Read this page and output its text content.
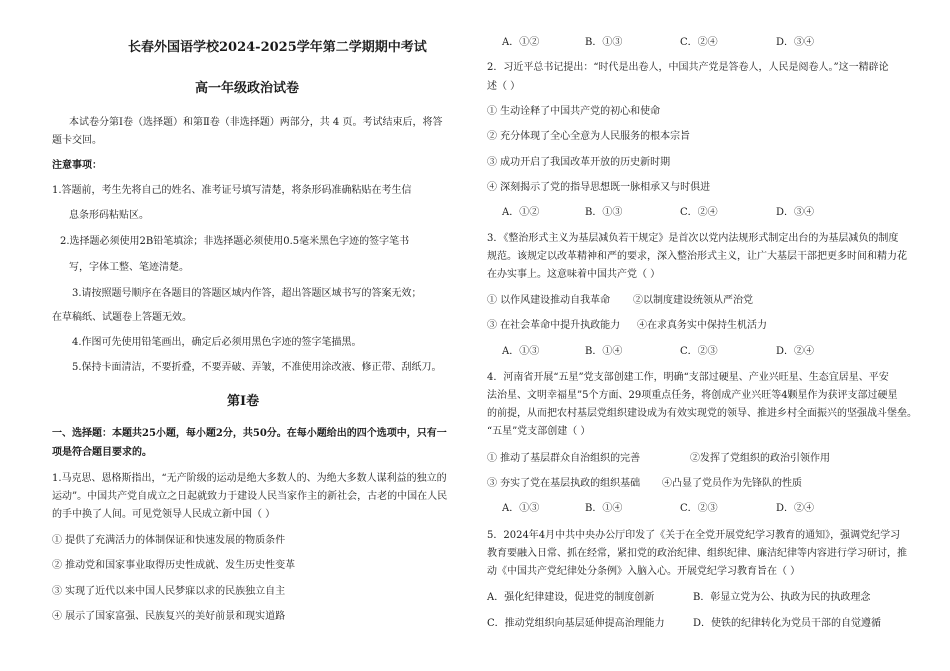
长春外国语学校2024-2025学年第二学期期中考试
高一年级政治试卷
本试卷分第Ⅰ卷（选择题）和第Ⅱ卷（非选择题）两部分，共 4 页。考试结束后，将答
题卡交回。
注意事项：
1.答题前，考生先将自己的姓名、准考证号填写清楚，将条形码准确粘贴在考生信
息条形码粘贴区。
2.选择题必须使用2B铅笔填涂；非选择题必须使用0.5毫米黑色字迹的签字笔书
写，字体工整、笔迹清楚。
3.请按照题号顺序在各题目的答题区域内作答，超出答题区域书写的答案无效；
在草稿纸、试题卷上答题无效。
4.作图可先使用铅笔画出，确定后必须用黑色字迹的签字笔描黑。
5.保持卡面清洁，不要折叠，不要弄破、弄皱，不准使用涂改液、修正带、刮纸刀。
第Ⅰ卷
一、选择题：本题共25小题，每小题2分，共50分。在每小题给出的四个选项中，只有一
项是符合题目要求的。
1.马克思、恩格斯指出，“无产阶级的运动是绝大多数人的、为绝大多数人谋利益的独立的
运动”。中国共产党自成立之日起就致力于建设人民当家作主的新社会，古老的中国在人民
的手中换了人间。可见党领导人民成立新中国（ ）
① 提供了充满活力的体制保证和快速发展的物质条件
② 推动党和国家事业取得历史性成就、发生历史性变革
③ 实现了近代以来中国人民梦寐以求的民族独立自主
④ 展示了国家富强、民族复兴的美好前景和现实道路
A．①②	B．①③	C．②④	D．③④
2．习近平总书记提出：“时代是出卷人，中国共产党是答卷人，人民是阅卷人。”这一精辟论
述（ ）
① 生动诠释了中国共产党的初心和使命
② 充分体现了全心全意为人民服务的根本宗旨
③ 成功开启了我国改革开放的历史新时期
④ 深刻揭示了党的指导思想既一脉相承又与时俱进
A．①②	B．①③	C．②④	D．③④
3．《整治形式主义为基层减负若干规定》是首次以党内法规形式制定出台的为基层减负的制度
规范。该规定以改革精神和严的要求，深入整治形式主义，让广大基层干部把更多时间和精力花
在办实事上。这意味着中国共产党（ ）
① 以作风建设推动自我革命 ②以制度建设统领从严治党
③ 在社会革命中提升执政能力 ④在求真务实中保持生机活力
A．①③	B．①④	C．②③	D．②④
4．河南省开展“五星”党支部创建工作，明确“支部过硬星、产业兴旺星、生态宜居星、平安
法治星、文明幸福星”5个方面、29项重点任务，将创成产业兴旺等4颗星作为获评支部过硬星
的前提，从而把农村基层党组织建设成为有效实现党的领导、推进乡村全面振兴的坚强战斗堡垒。
“五星”党支部创建（ ）
① 推动了基层群众自治组织的完善	②发挥了党组织的政治引领作用
③ 夯实了党在基层执政的组织基础 ④凸显了党员作为先锋队的性质
A．①③	B．①④	C．②③	D．②④
5．2024年4月中共中央办公厅印发了《关于在全党开展党纪学习教育的通知》，强调党纪学习
教育要融入日常、抓在经常，紧扣党的政治纪律、组织纪律、廉洁纪律等内容进行学习研讨，推
动《中国共产党纪律处分条例》入脑入心。开展党纪学习教育旨在（ ）
A．强化纪律建设，促进党的制度创新	B．彰显立党为公、执政为民的执政理念
C．推动党组织向基层延伸提高治理能力	D．使铁的纪律转化为党员干部的自觉遵循
